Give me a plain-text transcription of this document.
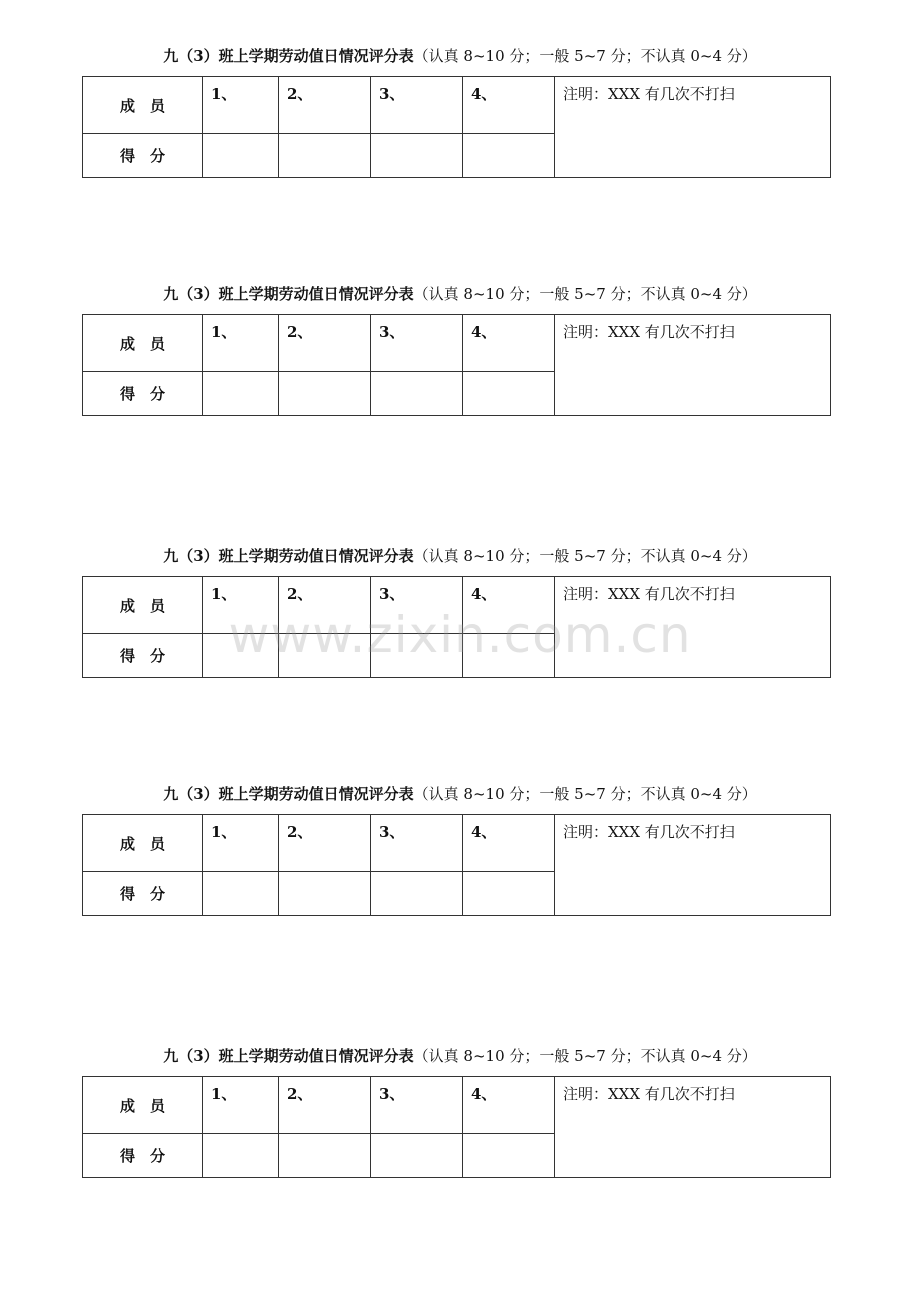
九（3）班上学期劳动值日情况评分表（认真 8~10 分；一般 5~7 分；不认真 0~4 分）
成　员	1、	2、	3、	4、	注明：XXX 有几次不打扫
得　分					
九（3）班上学期劳动值日情况评分表（认真 8~10 分；一般 5~7 分；不认真 0~4 分）
成　员	1、	2、	3、	4、	注明：XXX 有几次不打扫
得　分					
九（3）班上学期劳动值日情况评分表（认真 8~10 分；一般 5~7 分；不认真 0~4 分）
成　员	1、	2、	3、	4、	注明：XXX 有几次不打扫
得　分					
九（3）班上学期劳动值日情况评分表（认真 8~10 分；一般 5~7 分；不认真 0~4 分）
成　员	1、	2、	3、	4、	注明：XXX 有几次不打扫
得　分					
九（3）班上学期劳动值日情况评分表（认真 8~10 分；一般 5~7 分；不认真 0~4 分）
成　员	1、	2、	3、	4、	注明：XXX 有几次不打扫
得　分					
www.zixin.com.cn
